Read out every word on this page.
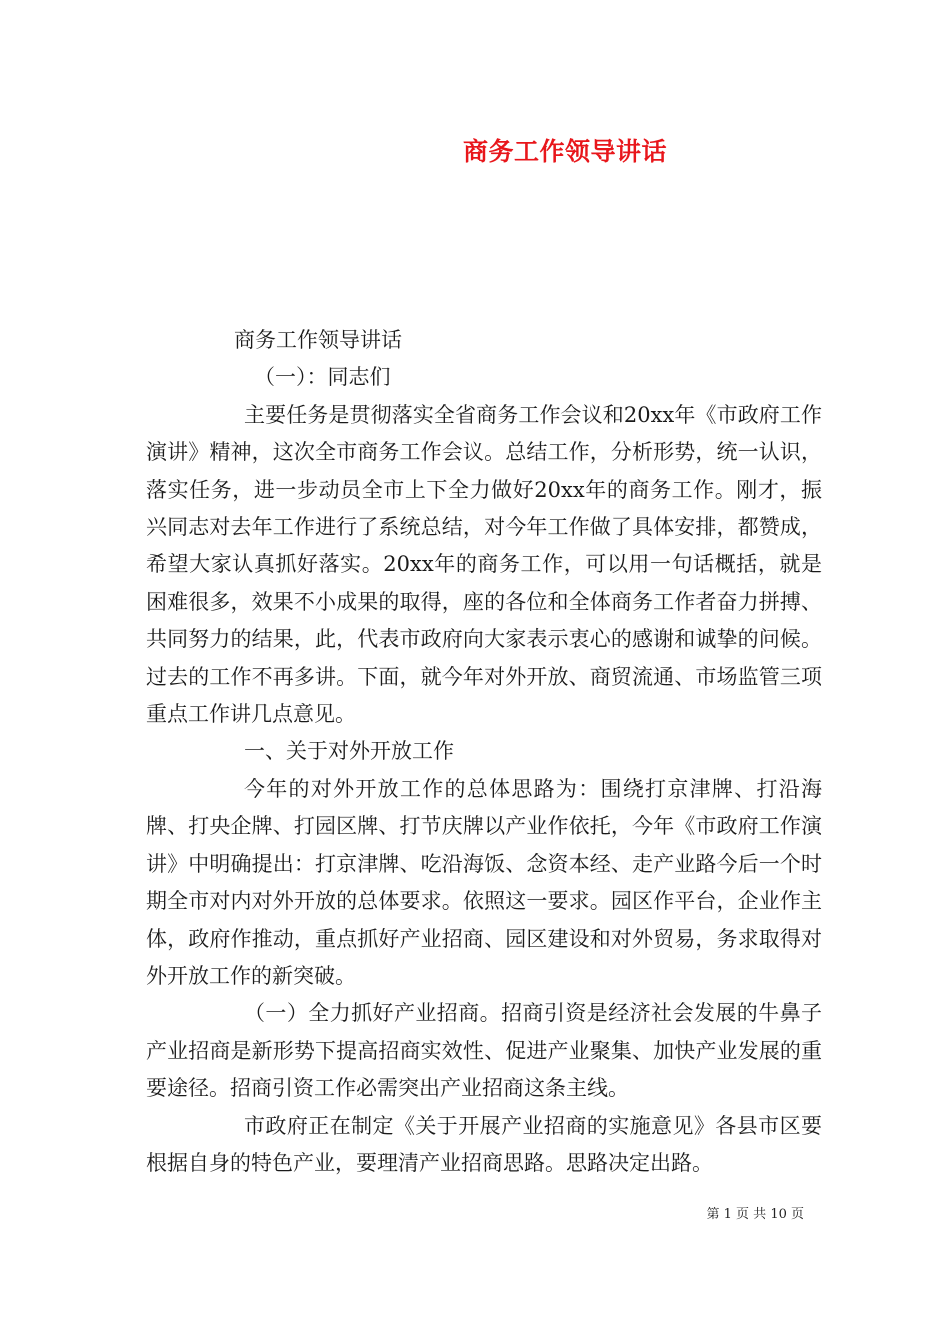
商务工作领导讲话

商务工作领导讲话

（一）：同志们

主要任务是贯彻落实全省商务工作会议和20xx年《市政府工作演讲》精神，这次全市商务工作会议。总结工作，分析形势，统一认识，落实任务，进一步动员全市上下全力做好20xx年的商务工作。刚才，振兴同志对去年工作进行了系统总结，对今年工作做了具体安排，都赞成，希望大家认真抓好落实。20xx年的商务工作，可以用一句话概括，就是困难很多，效果不小成果的取得，座的各位和全体商务工作者奋力拼搏、共同努力的结果，此，代表市政府向大家表示衷心的感谢和诚挚的问候。过去的工作不再多讲。下面，就今年对外开放、商贸流通、市场监管三项重点工作讲几点意见。

一、关于对外开放工作

今年的对外开放工作的总体思路为：围绕打京津牌、打沿海牌、打央企牌、打园区牌、打节庆牌以产业作依托，今年《市政府工作演讲》中明确提出：打京津牌、吃沿海饭、念资本经、走产业路今后一个时期全市对内对外开放的总体要求。依照这一要求。园区作平台，企业作主体，政府作推动，重点抓好产业招商、园区建设和对外贸易，务求取得对外开放工作的新突破。

（一）全力抓好产业招商。招商引资是经济社会发展的牛鼻子产业招商是新形势下提高招商实效性、促进产业聚集、加快产业发展的重要途径。招商引资工作必需突出产业招商这条主线。

市政府正在制定《关于开展产业招商的实施意见》各县市区要根据自身的特色产业，要理清产业招商思路。思路决定出路。

第 1 页 共 10 页
